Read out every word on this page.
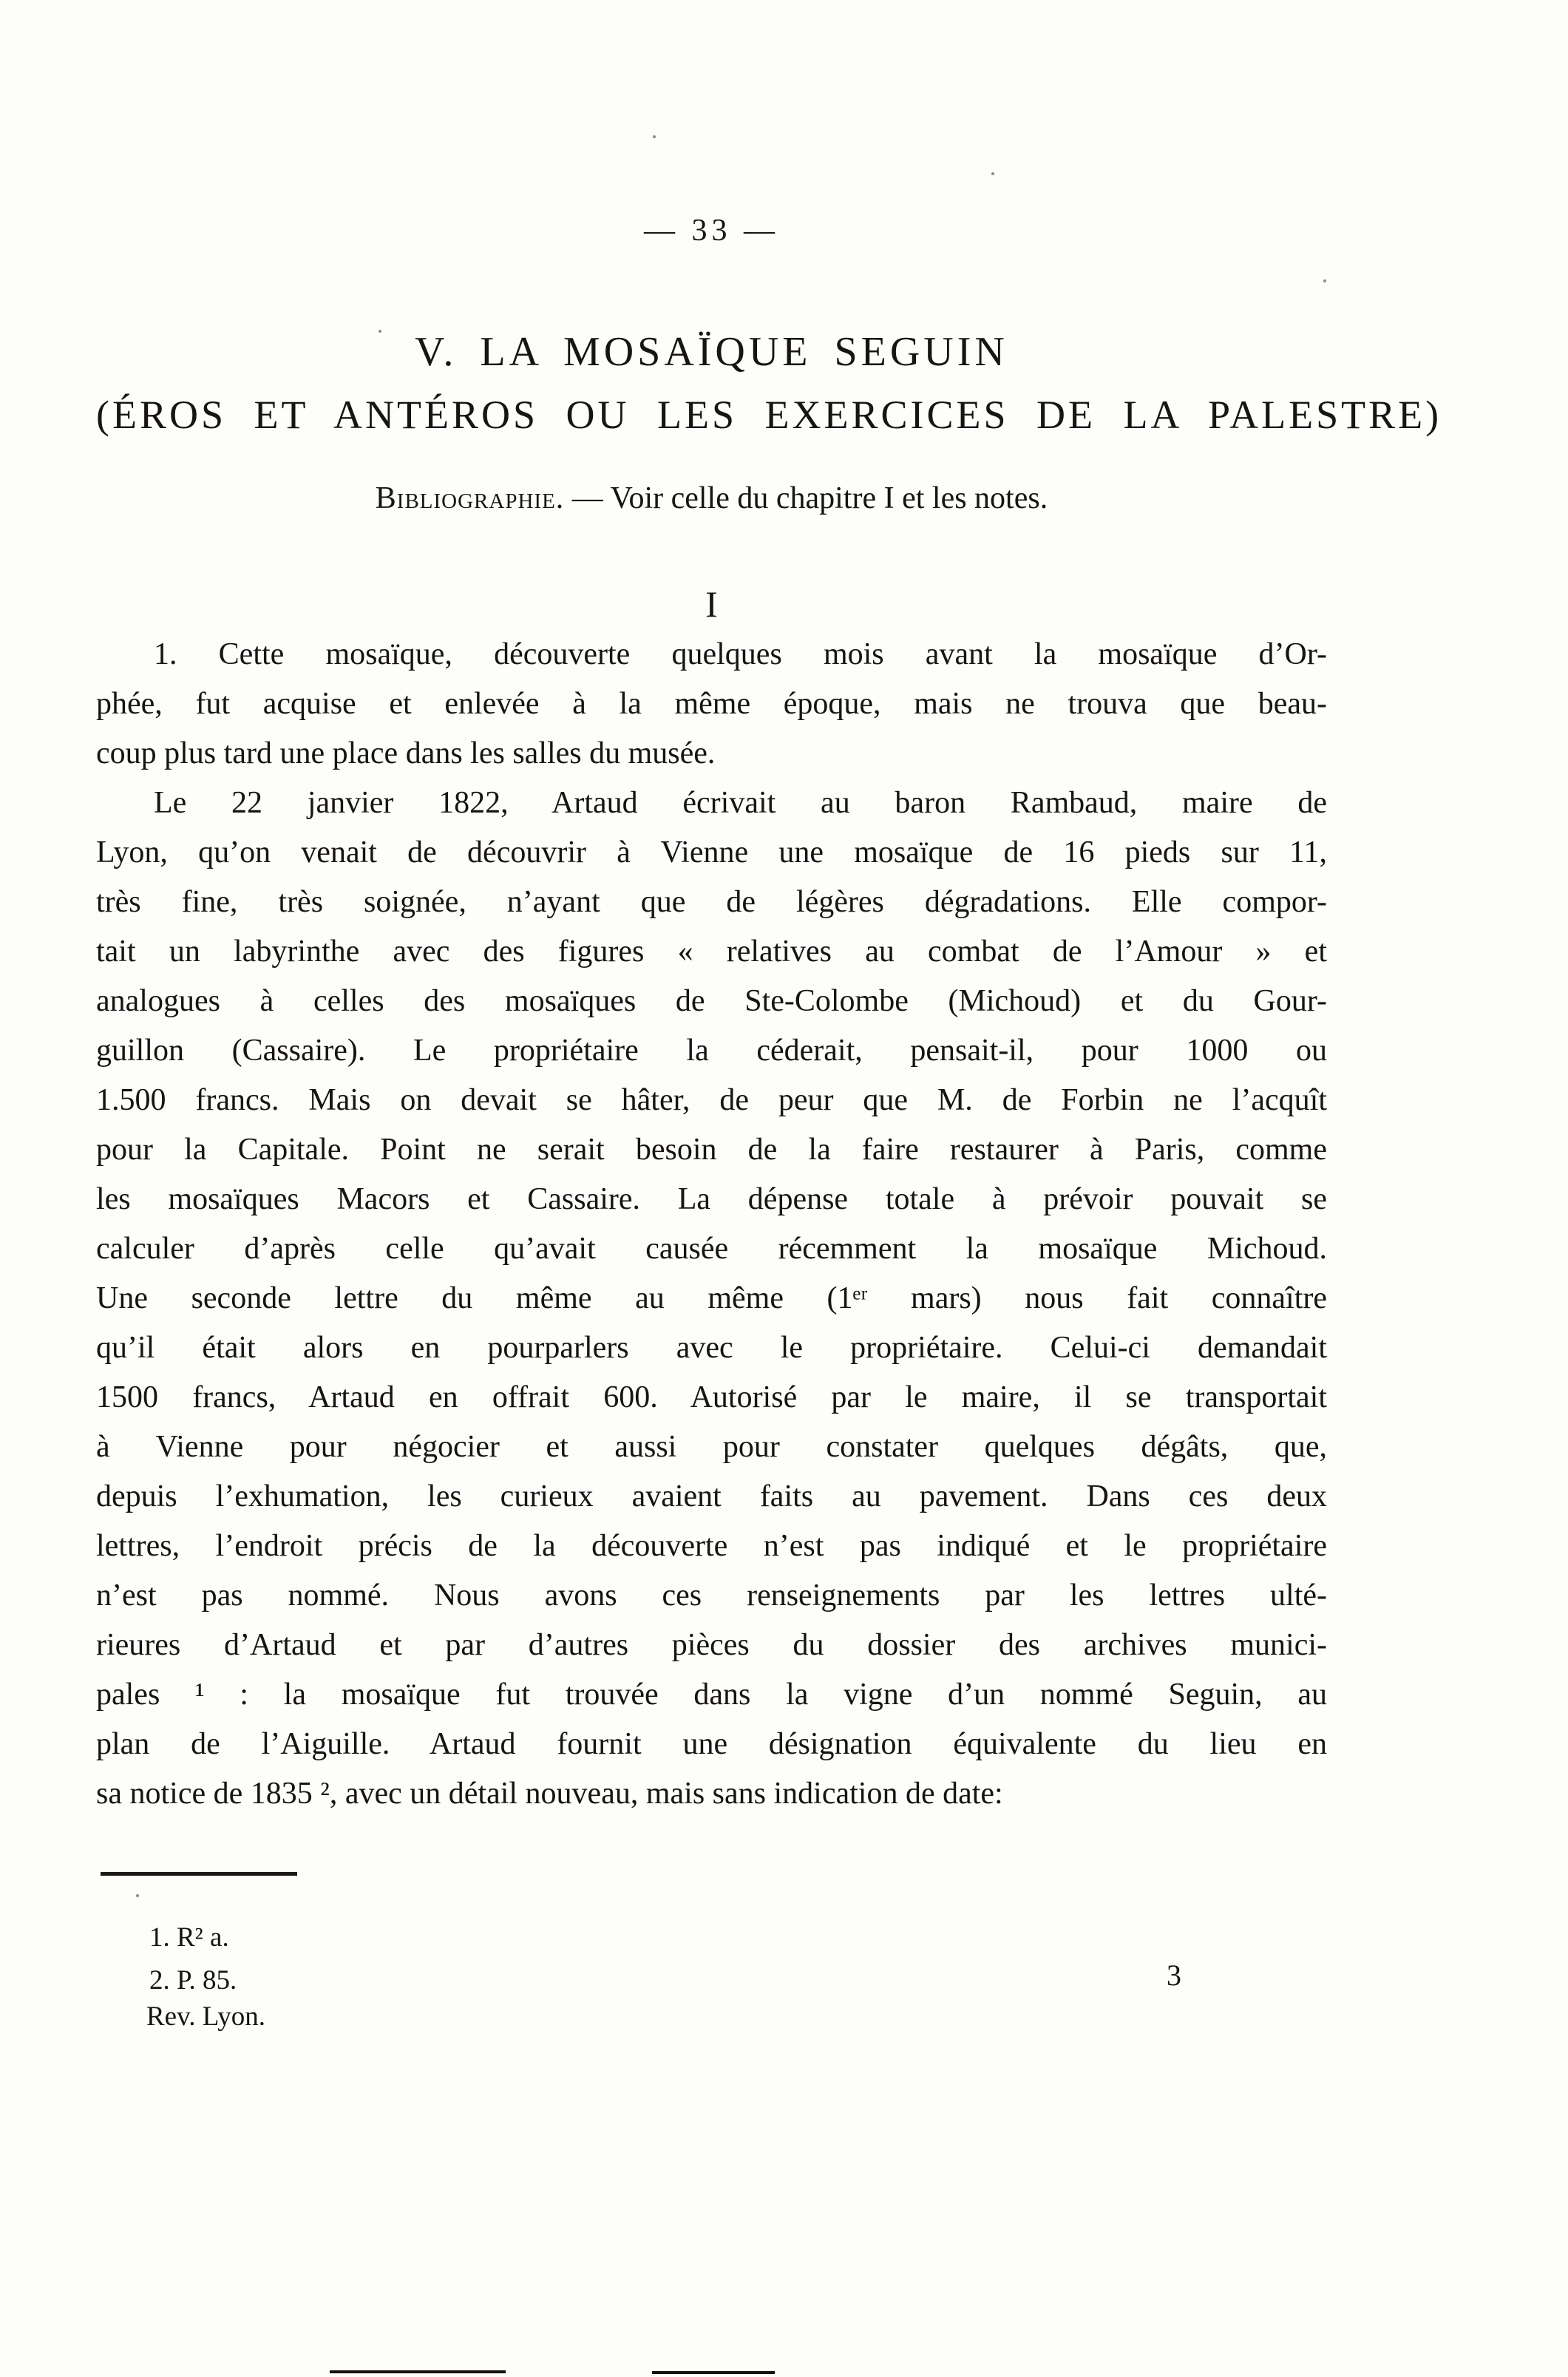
— 33 —
V. LA MOSAÏQUE SEGUIN
(ÉROS ET ANTÉROS OU LES EXERCICES DE LA PALESTRE)
Bibliographie. — Voir celle du chapitre I et les notes.
I
1. Cette mosaïque, découverte quelques mois avant la mosaïque d’Or-
phée, fut acquise et enlevée à la même époque, mais ne trouva que beau-
coup plus tard une place dans les salles du musée.
Le 22 janvier 1822, Artaud écrivait au baron Rambaud, maire de
Lyon, qu’on venait de découvrir à Vienne une mosaïque de 16 pieds sur 11,
très fine, très soignée, n’ayant que de légères dégradations. Elle compor-
tait un labyrinthe avec des figures « relatives au combat de l’Amour » et
analogues à celles des mosaïques de Ste-Colombe (Michoud) et du Gour-
guillon (Cassaire). Le propriétaire la céderait, pensait-il, pour 1000 ou
1.500 francs. Mais on devait se hâter, de peur que M. de Forbin ne l’acquît
pour la Capitale. Point ne serait besoin de la faire restaurer à Paris, comme
les mosaïques Macors et Cassaire. La dépense totale à prévoir pouvait se
calculer d’après celle qu’avait causée récemment la mosaïque Michoud.
Une seconde lettre du même au même (1ᵉʳ mars) nous fait connaître
qu’il était alors en pourparlers avec le propriétaire. Celui-ci demandait
1500 francs, Artaud en offrait 600. Autorisé par le maire, il se transportait
à Vienne pour négocier et aussi pour constater quelques dégâts, que,
depuis l’exhumation, les curieux avaient faits au pavement. Dans ces deux
lettres, l’endroit précis de la découverte n’est pas indiqué et le propriétaire
n’est pas nommé. Nous avons ces renseignements par les lettres ulté-
rieures d’Artaud et par d’autres pièces du dossier des archives munici-
pales ¹ : la mosaïque fut trouvée dans la vigne d’un nommé Seguin, au
plan de l’Aiguille. Artaud fournit une désignation équivalente du lieu en
sa notice de 1835 ², avec un détail nouveau, mais sans indication de date:
1. R² a.
2. P. 85.
Rev. Lyon.
3
